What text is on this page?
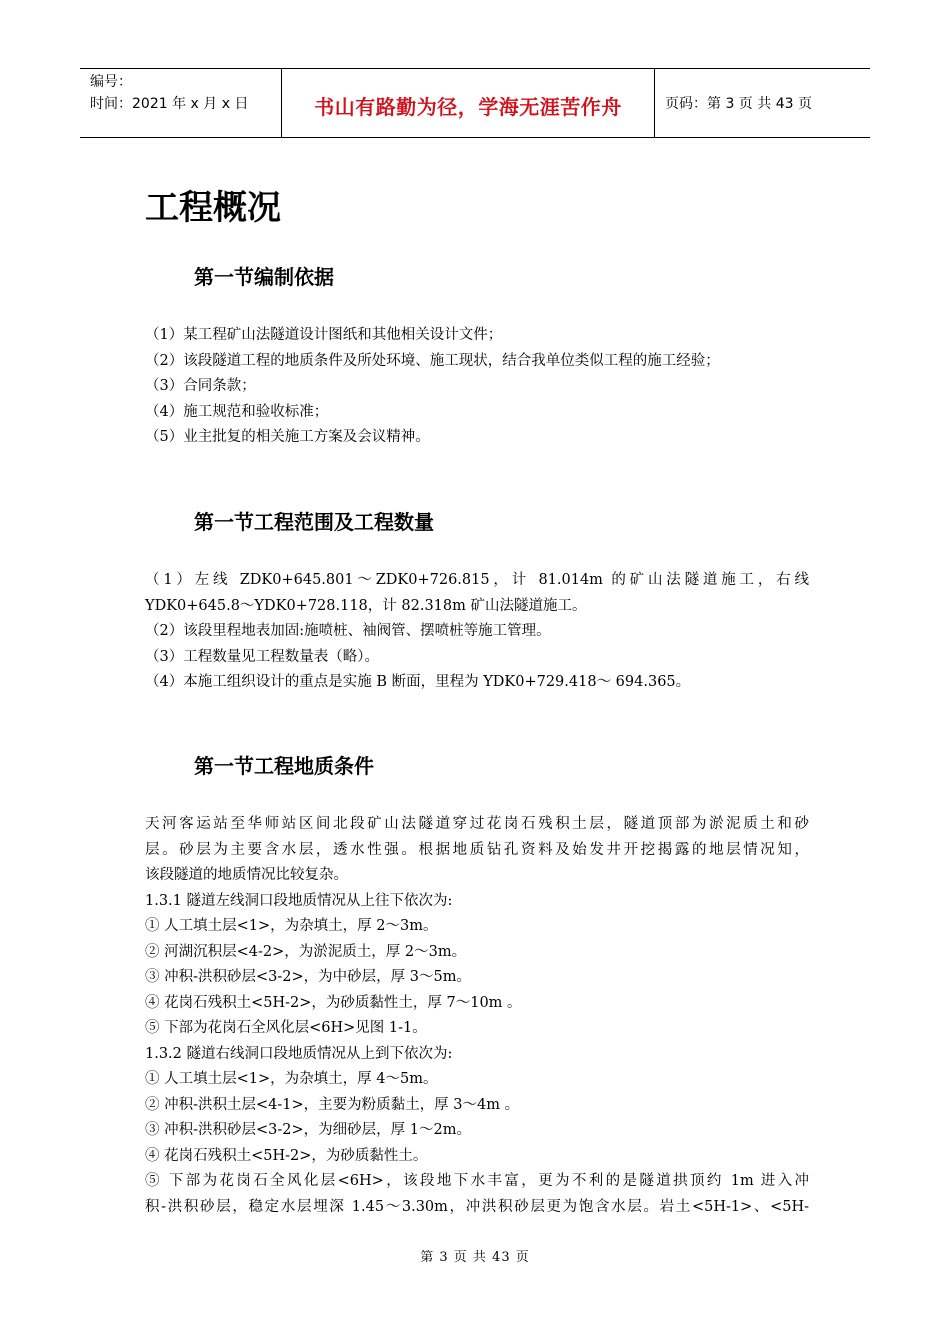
编号：
时间：2021 年 x 月 x 日	书山有路勤为径，学海无涯苦作舟	页码：第 3 页 共 43 页
工程概况
第一节编制依据

（1）某工程矿山法隧道设计图纸和其他相关设计文件；

（2）该段隧道工程的地质条件及所处环境、施工现状，结合我单位类似工程的施工经验；

（3）合同条款；

（4）施工规范和验收标准；

（5）业主批复的相关施工方案及会议精神。

第一节工程范围及工程数量

（1）左线 ZDK0+645.801～ZDK0+726.815，计 81.014m 的矿山法隧道施工，右线

YDK0+645.8～YDK0+728.118，计 82.318m 矿山法隧道施工。

（2）该段里程地表加固:施喷桩、袖阀管、摆喷桩等施工管理。

（3）工程数量见工程数量表（略）。

（4）本施工组织设计的重点是实施 B 断面，里程为 YDK0+729.418～ 694.365。

第一节工程地质条件

天河客运站至华师站区间北段矿山法隧道穿过花岗石残积土层，隧道顶部为淤泥质土和砂

层。砂层为主要含水层，透水性强。根据地质钻孔资料及始发井开挖揭露的地层情况知，

该段隧道的地质情况比较复杂。

1.3.1 隧道左线洞口段地质情况从上往下依次为:

① 人工填土层<1>，为杂填土，厚 2～3m。

② 河湖沉积层<4-2>，为淤泥质土，厚 2～3m。

③ 冲积-洪积砂层<3-2>，为中砂层，厚 3～5m。

④ 花岗石残积土<5H-2>，为砂质黏性土，厚 7～10m 。

⑤ 下部为花岗石全风化层<6H>见图 1-1。

1.3.2 隧道右线洞口段地质情况从上到下依次为:

① 人工填土层<1>，为杂填土，厚 4～5m。

② 冲积-洪积土层<4-1>，主要为粉质黏土，厚 3～4m 。

③ 冲积-洪积砂层<3-2>，为细砂层，厚 1～2m。

④ 花岗石残积土<5H-2>，为砂质黏性土。

⑤ 下部为花岗石全风化层<6H>，该段地下水丰富，更为不利的是隧道拱顶约 1m 进入冲

积-洪积砂层，稳定水层埋深 1.45～3.30m，冲洪积砂层更为饱含水层。岩土<5H-1>、<5H-

第 3 页 共 43 页
